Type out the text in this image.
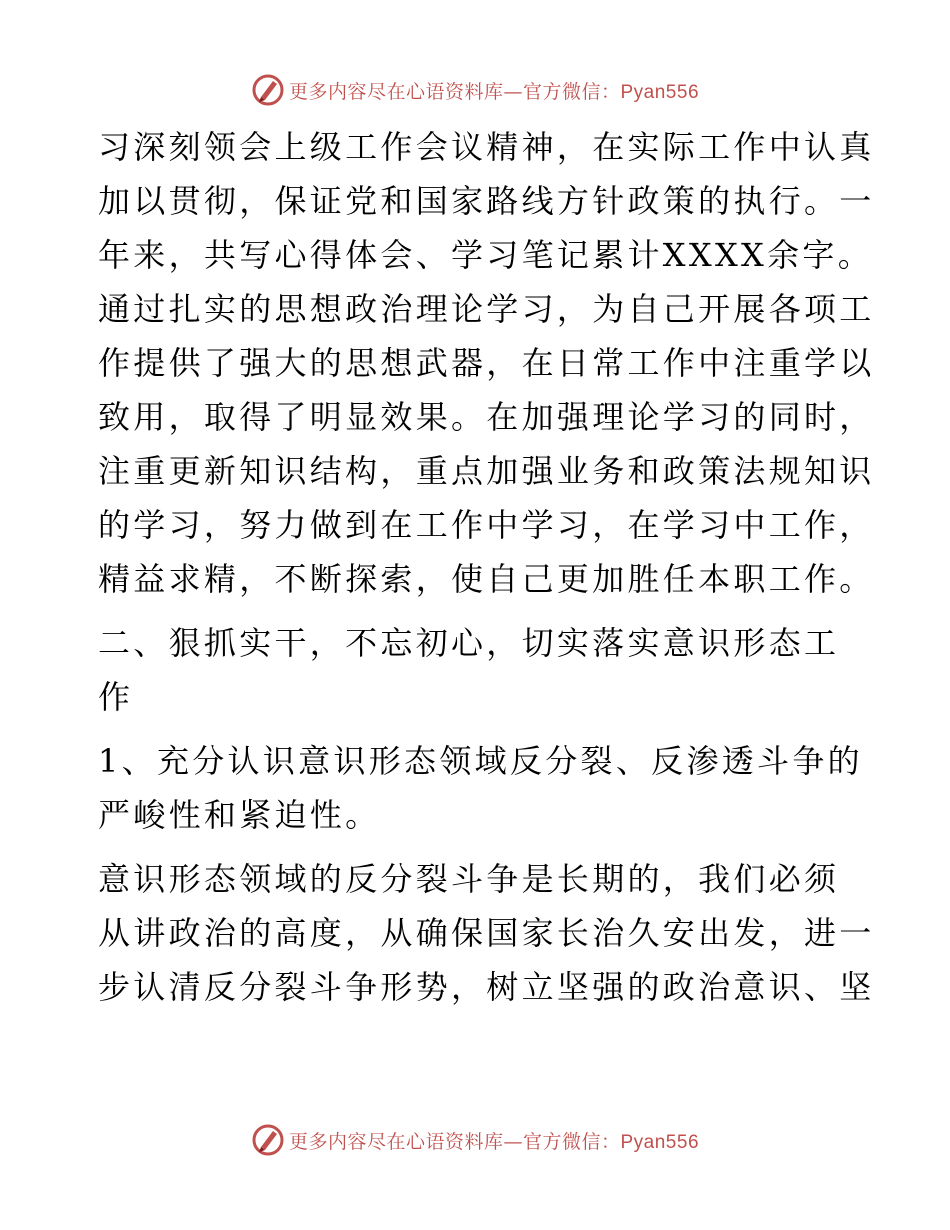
更多内容尽在心语资料库—官方微信：Pyan556
习深刻领会上级工作会议精神，在实际工作中认真
加以贯彻，保证党和国家路线方针政策的执行。一
年来，共写心得体会、学习笔记累计XXXX余字。
通过扎实的思想政治理论学习，为自己开展各项工
作提供了强大的思想武器，在日常工作中注重学以
致用，取得了明显效果。在加强理论学习的同时，
注重更新知识结构，重点加强业务和政策法规知识
的学习，努力做到在工作中学习，在学习中工作，
精益求精，不断探索，使自己更加胜任本职工作。
二、狠抓实干，不忘初心，切实落实意识形态工
作
1、充分认识意识形态领域反分裂、反渗透斗争的
严峻性和紧迫性。
意识形态领域的反分裂斗争是长期的，我们必须
从讲政治的高度，从确保国家长治久安出发，进一
步认清反分裂斗争形势，树立坚强的政治意识、坚
更多内容尽在心语资料库—官方微信：Pyan556
